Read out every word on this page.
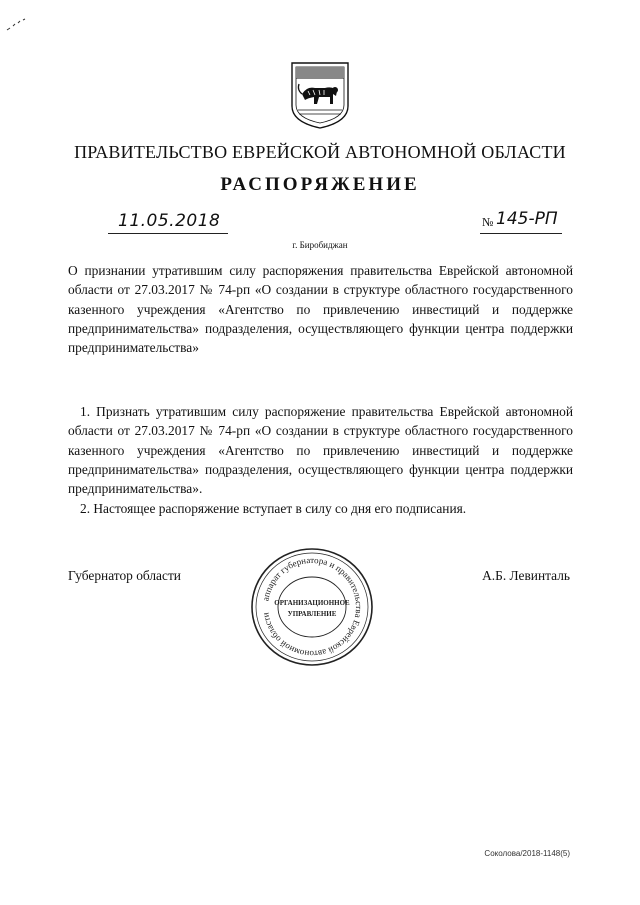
ПРАВИТЕЛЬСТВО ЕВРЕЙСКОЙ АВТОНОМНОЙ ОБЛАСТИ
РАСПОРЯЖЕНИЕ
11.05.2018	№ 145-РП
г. Биробиджан
О признании утратившим силу распоряжения правительства Еврейской автономной области от 27.03.2017 № 74-рп «О создании в структуре областного государственного казенного учреждения «Агентство по привлечению инвестиций и поддержке предпринимательства» подразделения, осуществляющего функции центра поддержки предпринимательства»
1. Признать утратившим силу распоряжение правительства Еврейской автономной области от 27.03.2017 № 74-рп «О создании в структуре областного государственного казенного учреждения «Агентство по привлечению инвестиций и поддержке предпринимательства» подразделения, осуществляющего функции центра поддержки предпринимательства».
2. Настоящее распоряжение вступает в силу со дня его подписания.
Губернатор области	А.Б. Левинталь
аппарат губернатора и правительства Еврейской автономной области
ОРГАНИЗАЦИОННОЕ
УПРАВЛЕНИЕ
Соколова/2018-1148(5)
